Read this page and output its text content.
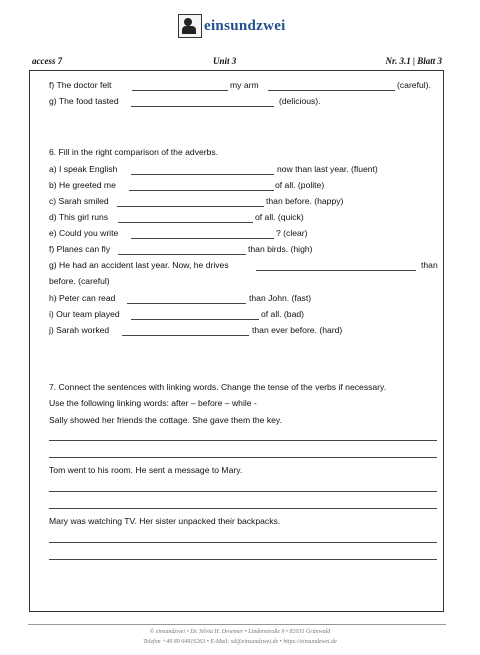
einsundzwei
access 7	Unit 3	Nr. 3.1 | Blatt 3
f) The doctor felt	my arm	(careful).
g) The food tasted	(delicious).
6. Fill in the right comparison of the adverbs.
a) I speak English	now than last year. (fluent)
b) He greeted me	of all. (polite)
c) Sarah smiled	than before. (happy)
d) This girl runs	of all. (quick)
e) Could you write	? (clear)
f) Planes can fly	than birds. (high)
g) He had an accident last year. Now, he drives	than
before. (careful)
h) Peter can read	than John. (fast)
i) Our team played	of all. (bad)
j) Sarah worked	than ever before. (hard)
7. Connect the sentences with linking words. Change the tense of the verbs if necessary.
Use the following linking words: after – before – while -
Sally showed her friends the cottage. She gave them the key.
Tom went to his room. He sent a message to Mary.
Mary was watching TV. Her sister unpacked their backpacks.
© einsundzwei • Dr. Silvia H. Droemer • Lindenstraße 9 • 82031 Grünwald
Telefon +49 89 64916263 • E-Mail: sd@einsundzwei.de • https://einsundzwei.de
